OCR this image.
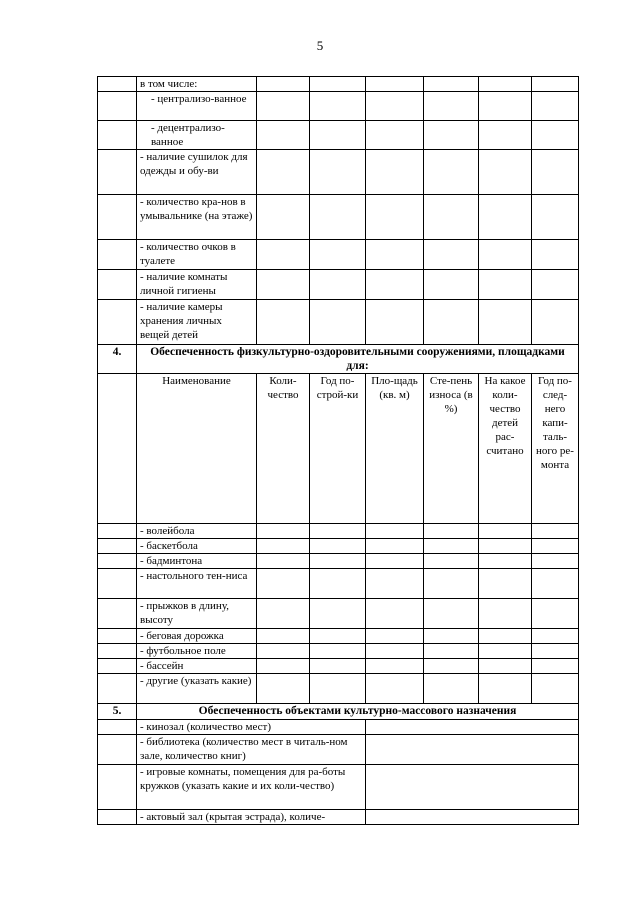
5
	в том числе:						
	- централизо-ванное						
	- децентрализо-ванное						
	- наличие сушилок для одежды и обу-ви						
	- количество кра-нов в умывальнике (на этаже)						
	- количество очков в туалете						
	- наличие комнаты личной гигиены						
	- наличие камеры хранения личных вещей детей						
4.	Обеспеченность физкультурно-оздоровительными сооружениями, площадками для:						
	Наименование	Коли-чество	Год по-строй-ки	Пло-щадь (кв. м)	Сте-пень износа (в %)	На какое коли-чество детей рас-считано	Год по-след-него капи-таль-ного ре-монта
	- волейбола						
	- баскетбола						
	- бадминтона						
	- настольного тен-ниса						
	- прыжков в длину, высоту						
	- беговая дорожка						
	- футбольное поле						
	- бассейн						
	- другие (указать какие)						
5.	Обеспеченность объектами культурно-массового назначения						
	- кинозал (количество мест)						
	- библиотека (количество мест в читаль-ном зале, количество книг)						
	- игровые комнаты, помещения для ра-боты кружков (указать какие и их коли-чество)						
	- актовый зал (крытая эстрада), количе-						
